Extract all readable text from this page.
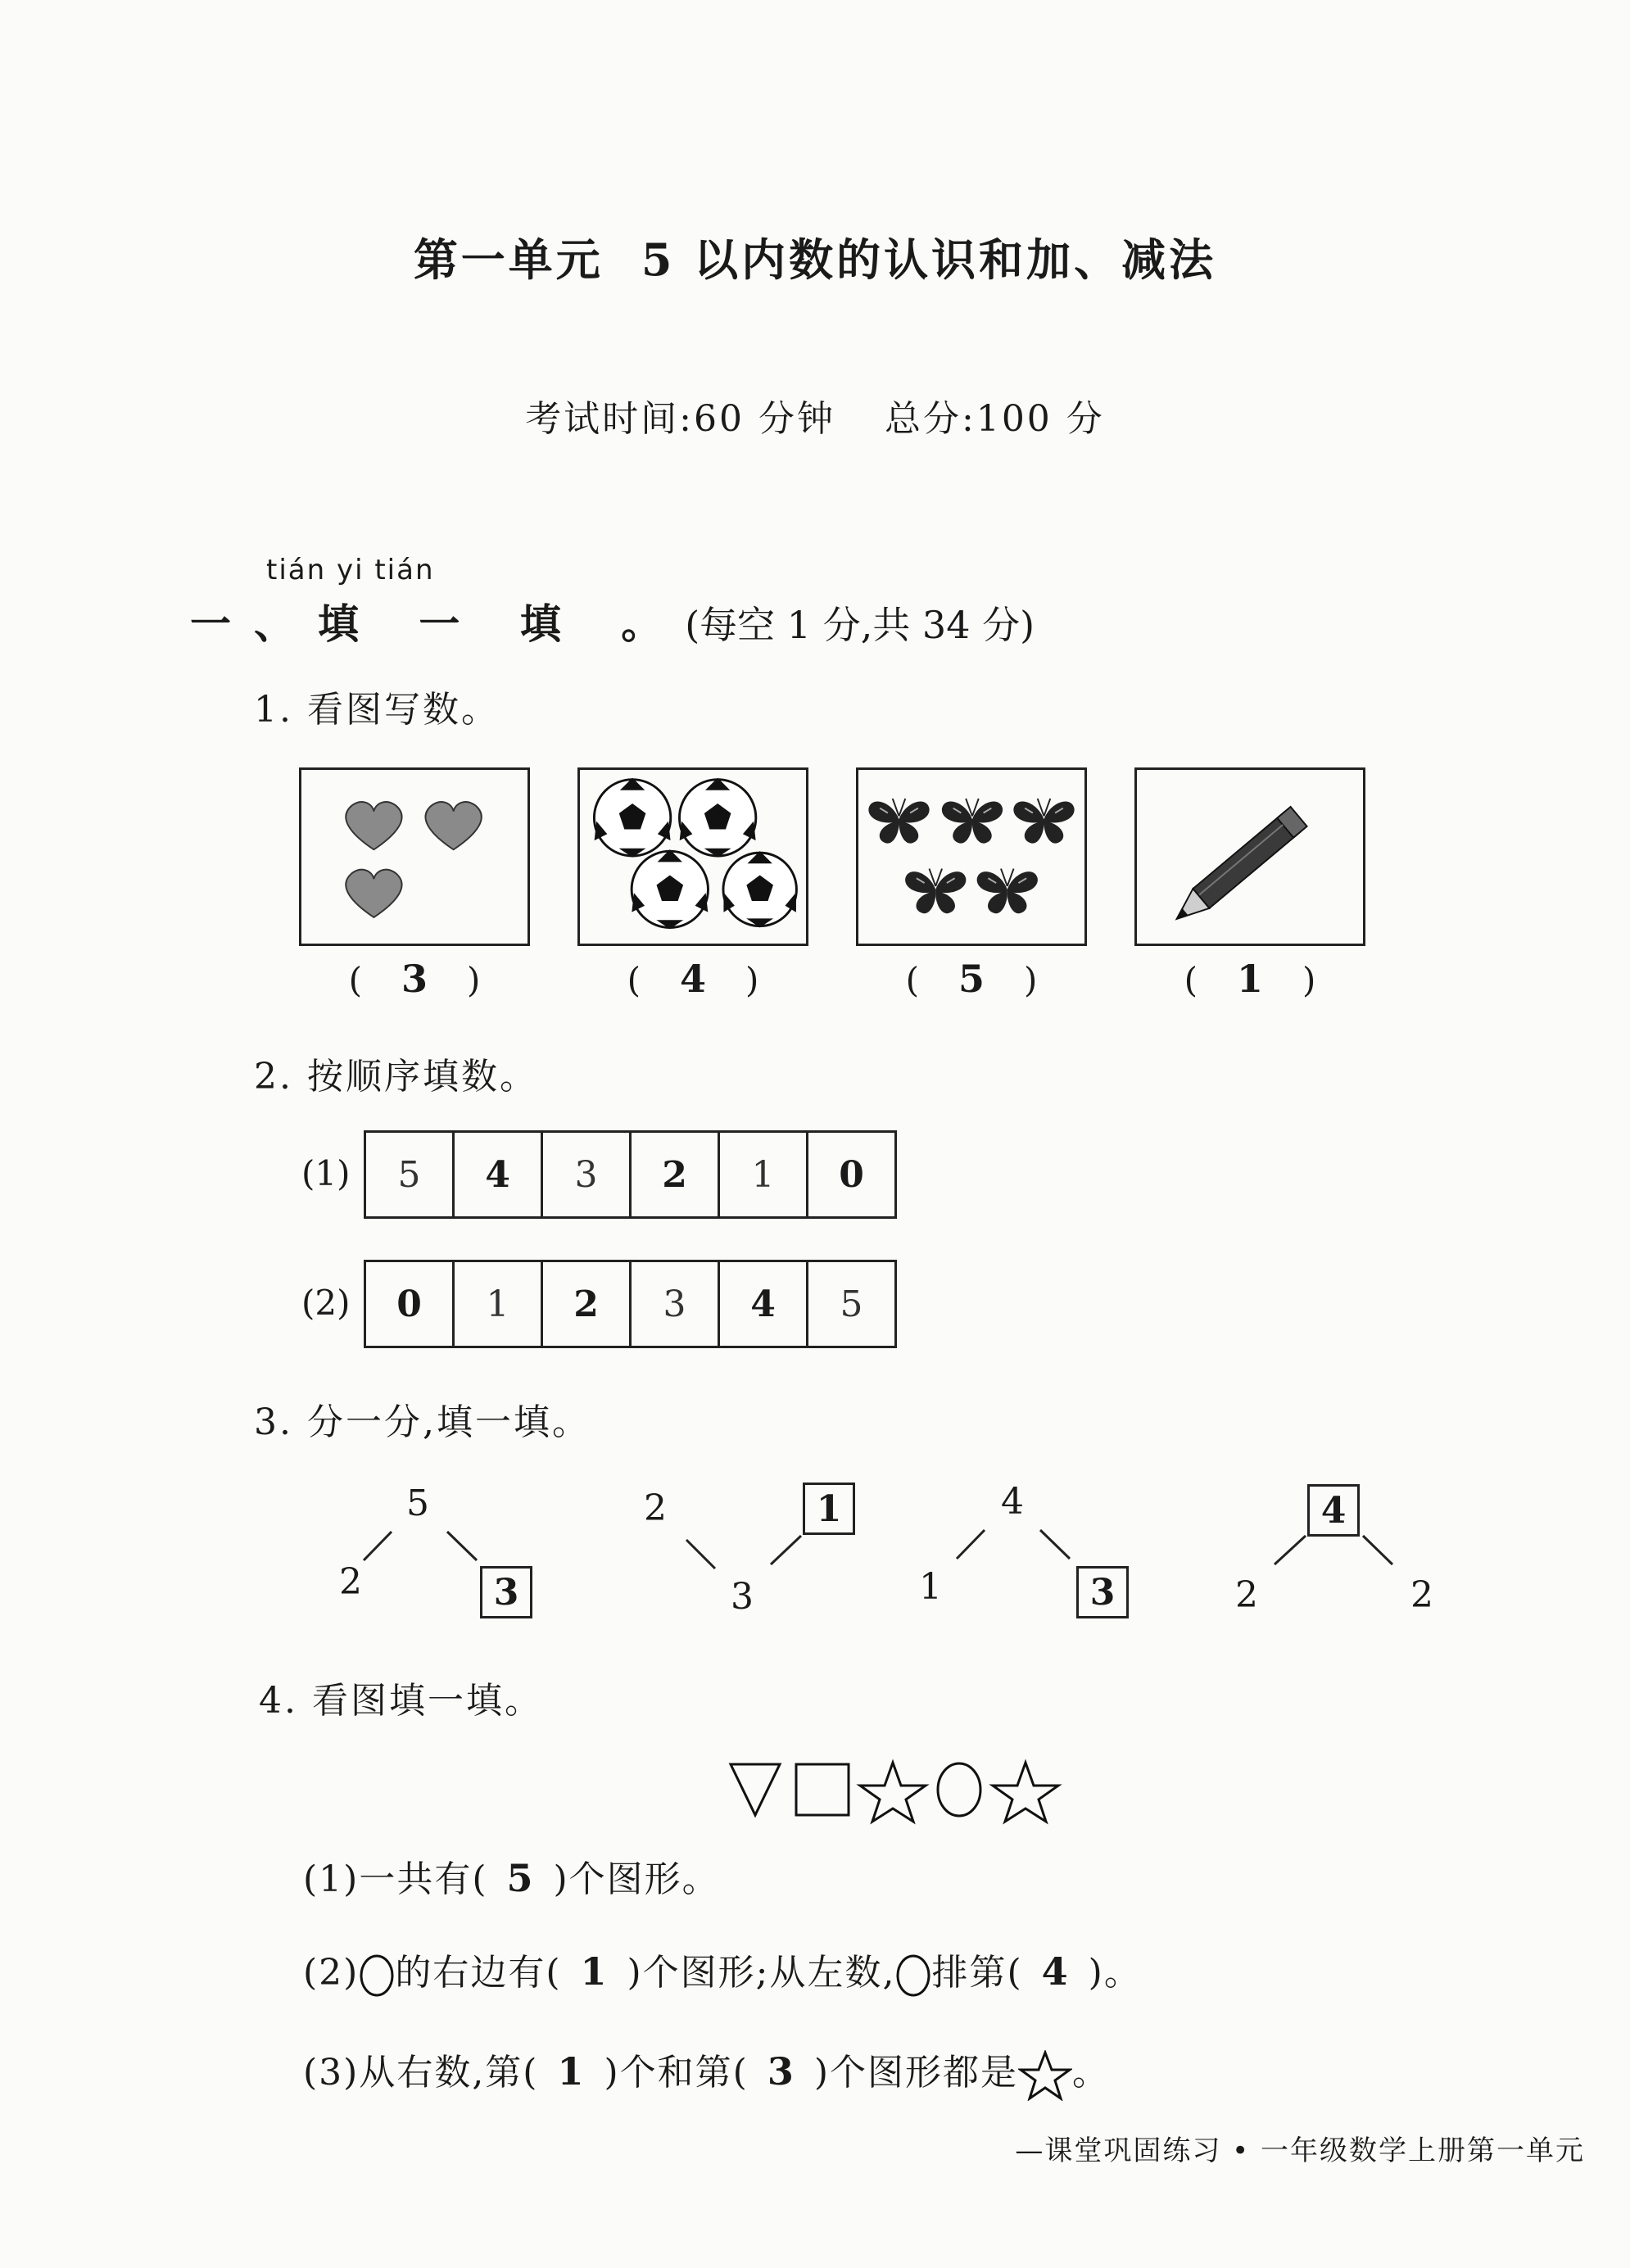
第一单元 5 以内数的认识和加、减法
考试时间:60 分钟 总分:100 分
tián yi tián
一、填 一 填 。(每空 1 分,共 34 分)
1. 看图写数。
( 3 )	( 4 )	( 5 )	( 1 )
2. 按顺序填数。
(1)	5	4	3	2	1	0
(2)	0	1	2	3	4	5
3. 分一分,填一填。
5
2	3
1
2
3
4
1	3
4
2	2
4. 看图填一填。
(1)一共有( 5 )个图形。
(2) 的右边有( 1 )个图形;从左数, 排第( 4 )。
(3)从右数,第( 1 )个和第( 3 )个图形都是 。
—课堂巩固练习 • 一年级数学上册第一单元
